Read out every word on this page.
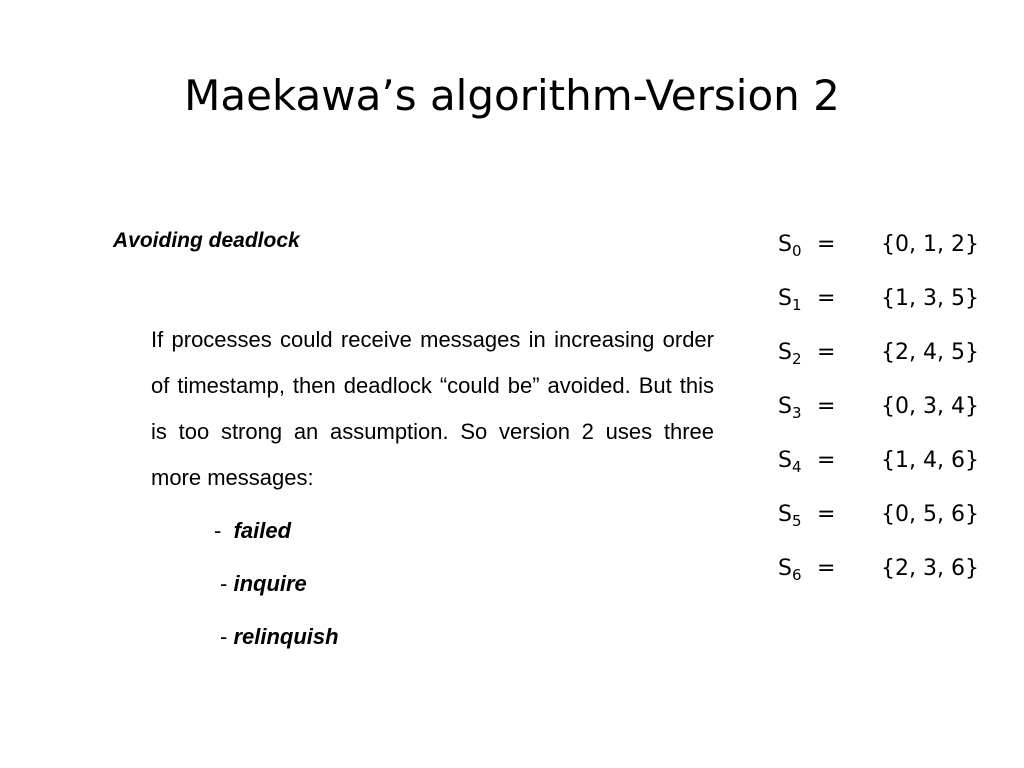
Maekawa’s algorithm-Version 2
Avoiding deadlock
If processes could receive messages in increasing order of timestamp, then deadlock “could be” avoided. But this is too strong an assumption. So version 2 uses three more messages:
- failed
- inquire
- relinquish
$S_0 = \{0$, 1, 2}
$S_1 = \{1$, 3, 5}
$S_2 = \{2$, 4, 5}
$S_3 = \{0$, 3, 4}
$S_4 = \{1$, 4, 6}
$S_5 = \{0$, 5, 6}
$S_6 = \{2$, 3, 6}
